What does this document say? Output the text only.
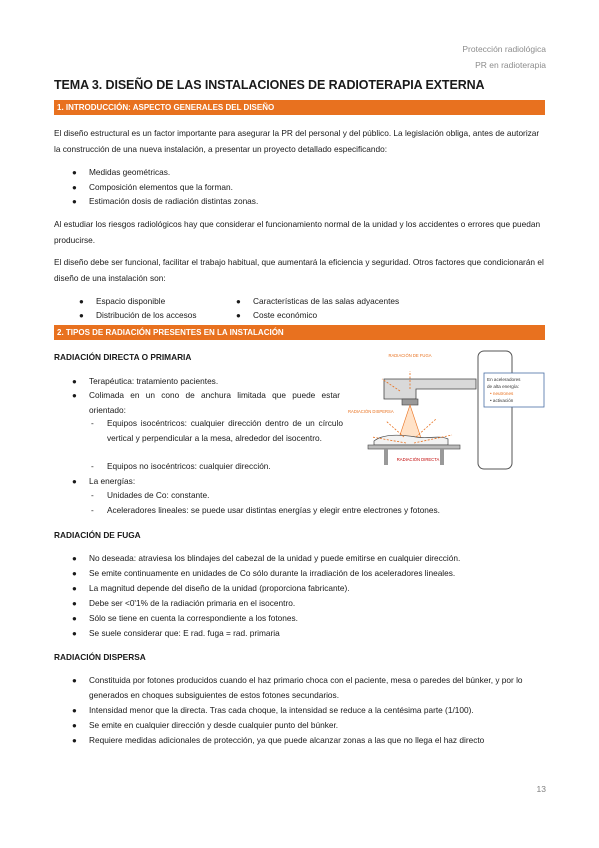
Protección radiológica
PR en radioterapia
TEMA 3. DISEÑO DE LAS INSTALACIONES DE RADIOTERAPIA EXTERNA
1. INTRODUCCIÓN: ASPECTO GENERALES DEL DISEÑO
El diseño estructural es un factor importante para asegurar la PR del personal y del público. La legislación obliga, antes de autorizar la construcción de una nueva instalación, a presentar un proyecto detallado especificando:
● Medidas geométricas.
● Composición elementos que la forman.
● Estimación dosis de radiación distintas zonas.
Al estudiar los riesgos radiológicos hay que considerar el funcionamiento normal de la unidad y los accidentes o errores que puedan producirse.
El diseño debe ser funcional, facilitar el trabajo habitual, que aumentará la eficiencia y seguridad. Otros factores que condicionarán el diseño de una instalación son:
● Espacio disponible
● Distribución de los accesos
● Características de las salas adyacentes
● Coste económico
2. TIPOS DE RADIACIÓN PRESENTES EN LA INSTALACIÓN
RADIACIÓN DIRECTA O PRIMARIA
● Terapéutica: tratamiento pacientes.
● Colimada en un cono de anchura limitada que puede estar orientado:
- Equipos isocéntricos: cualquier dirección dentro de un círculo vertical y perpendicular a la mesa, alrededor del isocentro.
- Equipos no isocéntricos: cualquier dirección.
● La energías:
- Unidades de Co: constante.
- Aceleradores lineales: se puede usar distintas energías y elegir entre electrones y fotones.
RADIACIÓN DE FUGA
RADIACIÓN DISPERSA
RADIACIÓN DIRECTA
En aceleradores
de alta energía:
• neutrones
• activación
RADIACIÓN DE FUGA
● No deseada: atraviesa los blindajes del cabezal de la unidad y puede emitirse en cualquier dirección.
● Se emite continuamente en unidades de Co sólo durante la irradiación de los aceleradores lineales.
● La magnitud depende del diseño de la unidad (proporciona fabricante).
● Debe ser <0'1% de la radiación primaria en el isocentro.
● Sólo se tiene en cuenta la correspondiente a los fotones.
● Se suele considerar que: E rad. fuga = rad. primaria
RADIACIÓN DISPERSA
● Constituida por fotones producidos cuando el haz primario choca con el paciente, mesa o paredes del búnker, y por lo generados en choques subsiguientes de estos fotones secundarios.
● Intensidad menor que la directa. Tras cada choque, la intensidad se reduce a la centésima parte (1/100).
● Se emite en cualquier dirección y desde cualquier punto del búnker.
● Requiere medidas adicionales de protección, ya que puede alcanzar zonas a las que no llega el haz directo
13
